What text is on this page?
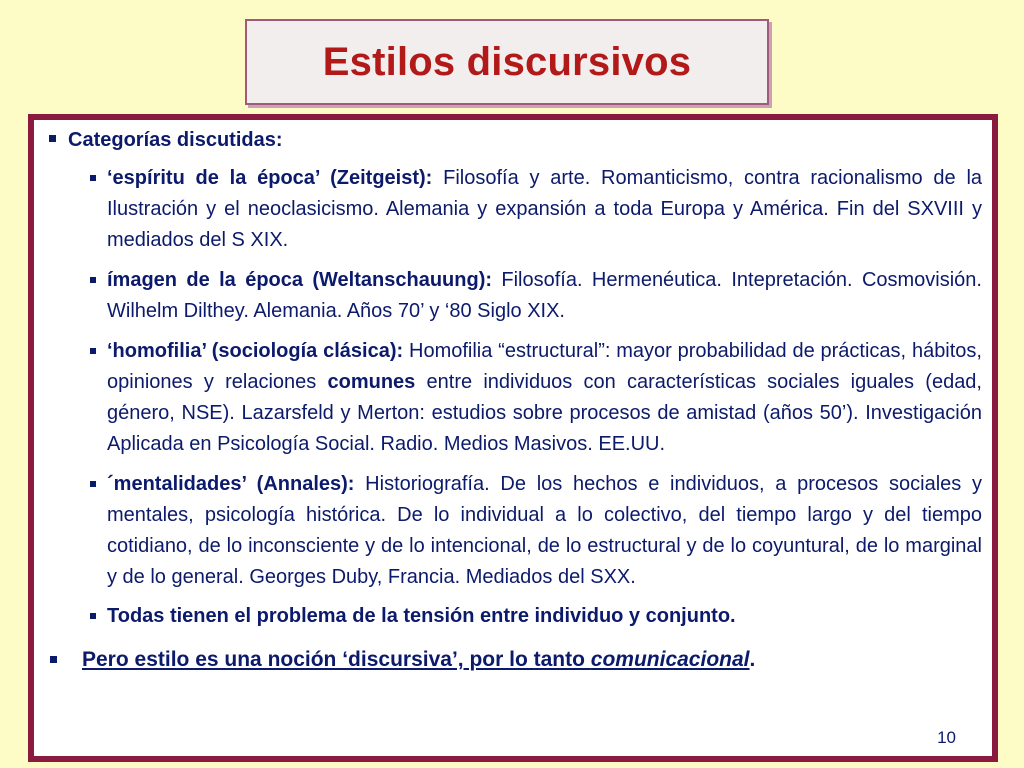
Estilos discursivos
Categorías discutidas:
‘espíritu de la época’ (Zeitgeist): Filosofía y arte. Romanticismo, contra racionalismo de la Ilustración y el neoclasicismo. Alemania y expansión a toda Europa y América. Fin del SXVIII y mediados del S XIX.
ímagen de la época (Weltanschauung): Filosofía. Hermenéutica. Intepretación. Cosmovisión. Wilhelm Dilthey. Alemania. Años 70’ y ‘80 Siglo XIX.
‘homofilia’ (sociología clásica): Homofilia “estructural”: mayor probabilidad de prácticas, hábitos, opiniones y relaciones comunes entre individuos con características sociales iguales (edad, género, NSE). Lazarsfeld y Merton: estudios sobre procesos de amistad (años 50’). Investigación Aplicada en Psicología Social. Radio. Medios Masivos. EE.UU.
´mentalidades’ (Annales): Historiografía. De los hechos e individuos, a procesos sociales y mentales, psicología histórica. De lo individual a lo colectivo, del tiempo largo y del tiempo cotidiano, de lo inconsciente y de lo intencional, de lo estructural y de lo coyuntural, de lo marginal y de lo general. Georges Duby, Francia. Mediados del SXX.
Todas tienen el problema de la tensión entre individuo y conjunto.
Pero estilo es una noción ‘discursiva’, por lo tanto comunicacional.
10
